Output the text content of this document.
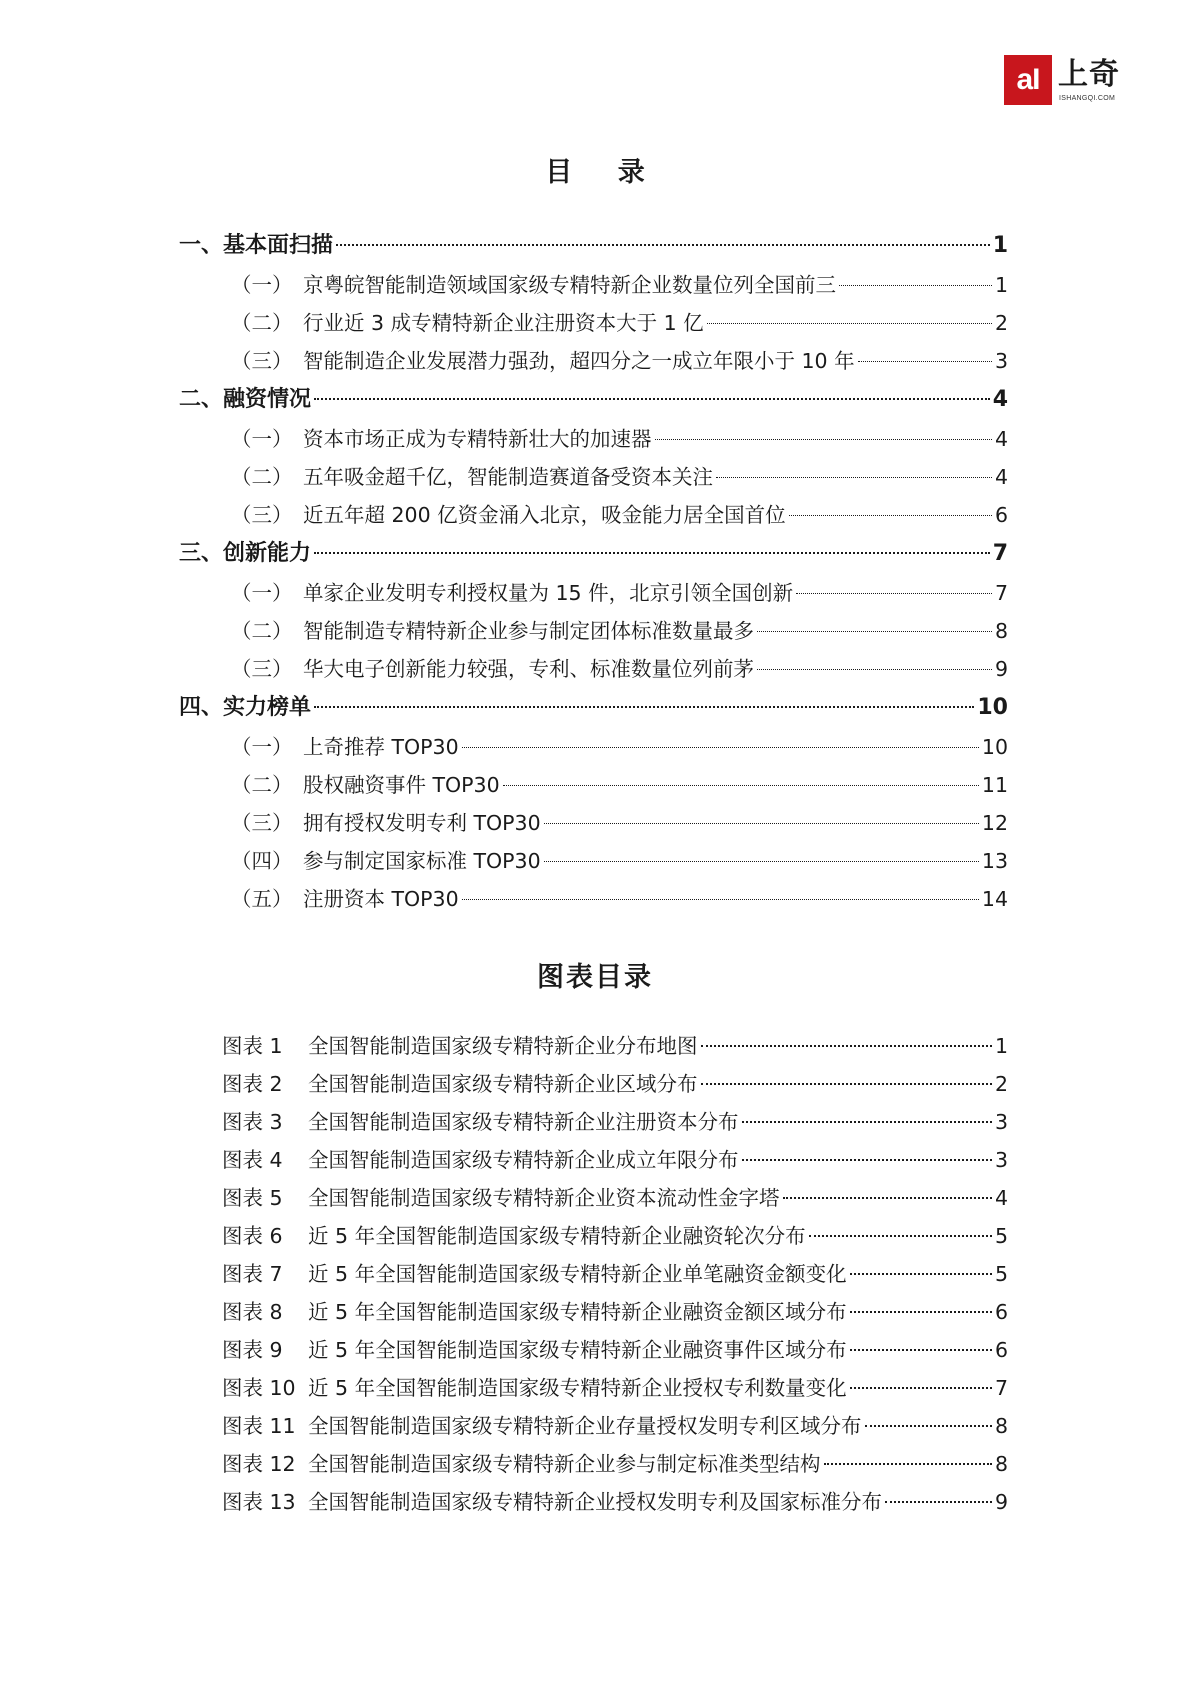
aI 上奇
ISHANGQI.COM
目 录
一、 基本面扫描	1
（一） 京粤皖智能制造领域国家级专精特新企业数量位列全国前三	1
（二） 行业近 3 成专精特新企业注册资本大于 1 亿	2
（三） 智能制造企业发展潜力强劲，超四分之一成立年限小于 10 年	3
二、 融资情况	4
（一） 资本市场正成为专精特新壮大的加速器	4
（二） 五年吸金超千亿，智能制造赛道备受资本关注	4
（三） 近五年超 200 亿资金涌入北京，吸金能力居全国首位	6
三、 创新能力	7
（一） 单家企业发明专利授权量为 15 件，北京引领全国创新	7
（二） 智能制造专精特新企业参与制定团体标准数量最多	8
（三） 华大电子创新能力较强，专利、标准数量位列前茅	9
四、 实力榜单	10
（一） 上奇推荐 TOP30	10
（二） 股权融资事件 TOP30	11
（三） 拥有授权发明专利 TOP30	12
（四） 参与制定国家标准 TOP30	13
（五） 注册资本 TOP30	14
图表目录
图表 1	全国智能制造国家级专精特新企业分布地图	1
图表 2	全国智能制造国家级专精特新企业区域分布	2
图表 3	全国智能制造国家级专精特新企业注册资本分布	3
图表 4	全国智能制造国家级专精特新企业成立年限分布	3
图表 5	全国智能制造国家级专精特新企业资本流动性金字塔	4
图表 6	近 5 年全国智能制造国家级专精特新企业融资轮次分布	5
图表 7	近 5 年全国智能制造国家级专精特新企业单笔融资金额变化	5
图表 8	近 5 年全国智能制造国家级专精特新企业融资金额区域分布	6
图表 9	近 5 年全国智能制造国家级专精特新企业融资事件区域分布	6
图表 10 近 5 年全国智能制造国家级专精特新企业授权专利数量变化	7
图表 11 全国智能制造国家级专精特新企业存量授权发明专利区域分布	8
图表 12 全国智能制造国家级专精特新企业参与制定标准类型结构	8
图表 13 全国智能制造国家级专精特新企业授权发明专利及国家标准分布	9
